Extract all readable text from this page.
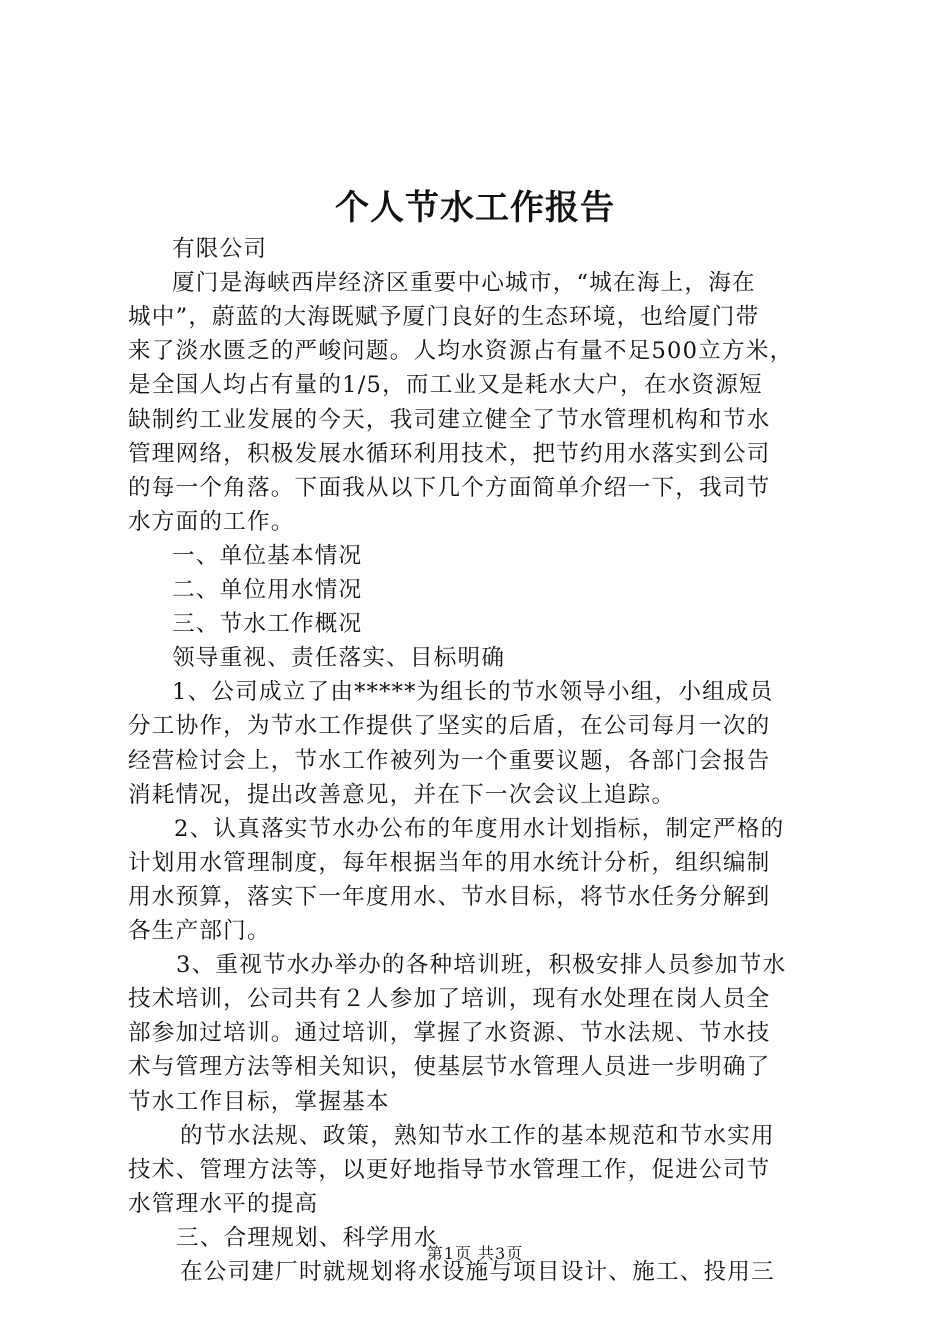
个人节水工作报告
有限公司
厦门是海峡西岸经济区重要中心城市，“城在海上，海在
城中”，蔚蓝的大海既赋予厦门良好的生态环境，也给厦门带
来了淡水匮乏的严峻问题。人均水资源占有量不足500立方米，
是全国人均占有量的1/5，而工业又是耗水大户，在水资源短
缺制约工业发展的今天，我司建立健全了节水管理机构和节水
管理网络，积极发展水循环利用技术，把节约用水落实到公司
的每一个角落。下面我从以下几个方面简单介绍一下，我司节
水方面的工作。
一、单位基本情况
二、单位用水情况
三、节水工作概况
领导重视、责任落实、目标明确
1、公司成立了由*****为组长的节水领导小组，小组成员
分工协作，为节水工作提供了坚实的后盾，在公司每月一次的
经营检讨会上，节水工作被列为一个重要议题，各部门会报告
消耗情况，提出改善意见，并在下一次会议上追踪。
2、认真落实节水办公布的年度用水计划指标，制定严格的
计划用水管理制度，每年根据当年的用水统计分析，组织编制
用水预算，落实下一年度用水、节水目标，将节水任务分解到
各生产部门。
3、重视节水办举办的各种培训班，积极安排人员参加节水
技术培训，公司共有２人参加了培训，现有水处理在岗人员全
部参加过培训。通过培训，掌握了水资源、节水法规、节水技
术与管理方法等相关知识，使基层节水管理人员进一步明确了
节水工作目标，掌握基本
的节水法规、政策，熟知节水工作的基本规范和节水实用
技术、管理方法等，以更好地指导节水管理工作，促进公司节
水管理水平的提高
三、合理规划、科学用水
在公司建厂时就规划将水设施与项目设计、施工、投用三
第1页 共3页
